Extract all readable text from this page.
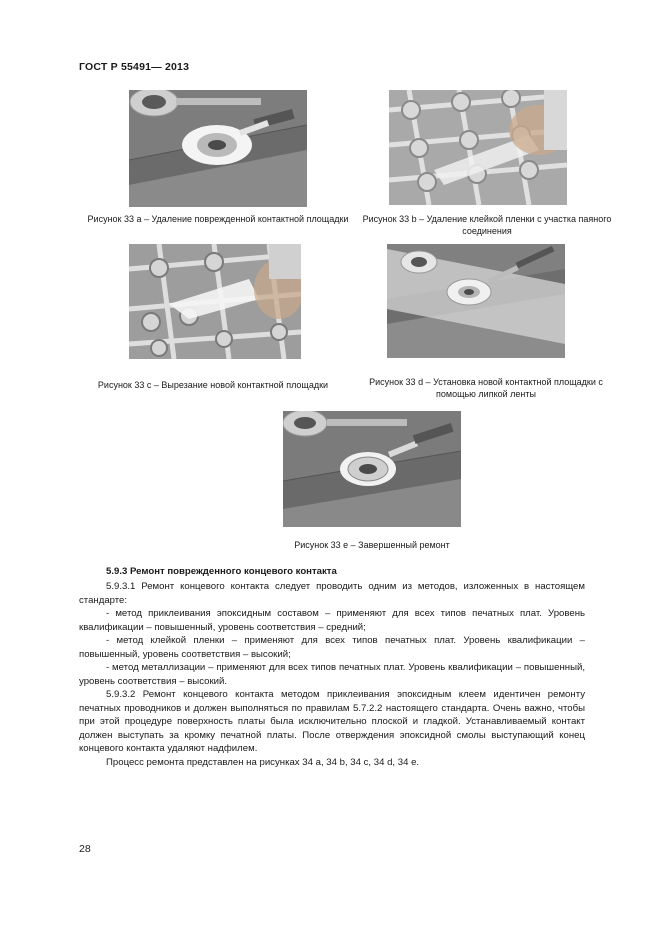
ГОСТ Р 55491— 2013
Рисунок 33 a – Удаление поврежденной контактной площадки Рисунок 33 b – Удаление клейкой пленки с участка паяного соединения
Рисунок 33 c – Вырезание новой контактной площадки	Рисунок 33 d – Установка новой контактной площадки с помощью липкой ленты
Рисунок 33 e – Завершенный ремонт
5.9.3 Ремонт поврежденного концевого контакта

5.9.3.1 Ремонт концевого контакта следует проводить одним из методов, изложенных в настоящем стандарте:

- метод приклеивания эпоксидным составом – применяют для всех типов печатных плат. Уровень квалификации – повышенный, уровень соответствия – средний;

- метод клейкой пленки – применяют для всех типов печатных плат. Уровень квалификации – повышенный, уровень соответствия – высокий;

- метод металлизации – применяют для всех типов печатных плат. Уровень квалификации – повышенный, уровень соответствия – высокий.

5.9.3.2 Ремонт концевого контакта методом приклеивания эпоксидным клеем идентичен ремонту печатных проводников и должен выполняться по правилам 5.7.2.2 настоящего стандарта. Очень важно, чтобы при этой процедуре поверхность платы была исключительно плоской и гладкой. Устанавливаемый контакт должен выступать за кромку печатной платы. После отверждения эпоксидной смолы выступающий конец концевого контакта удаляют надфилем.

Процесс ремонта представлен на рисунках 34 a, 34 b, 34 c, 34 d, 34 e.

28
